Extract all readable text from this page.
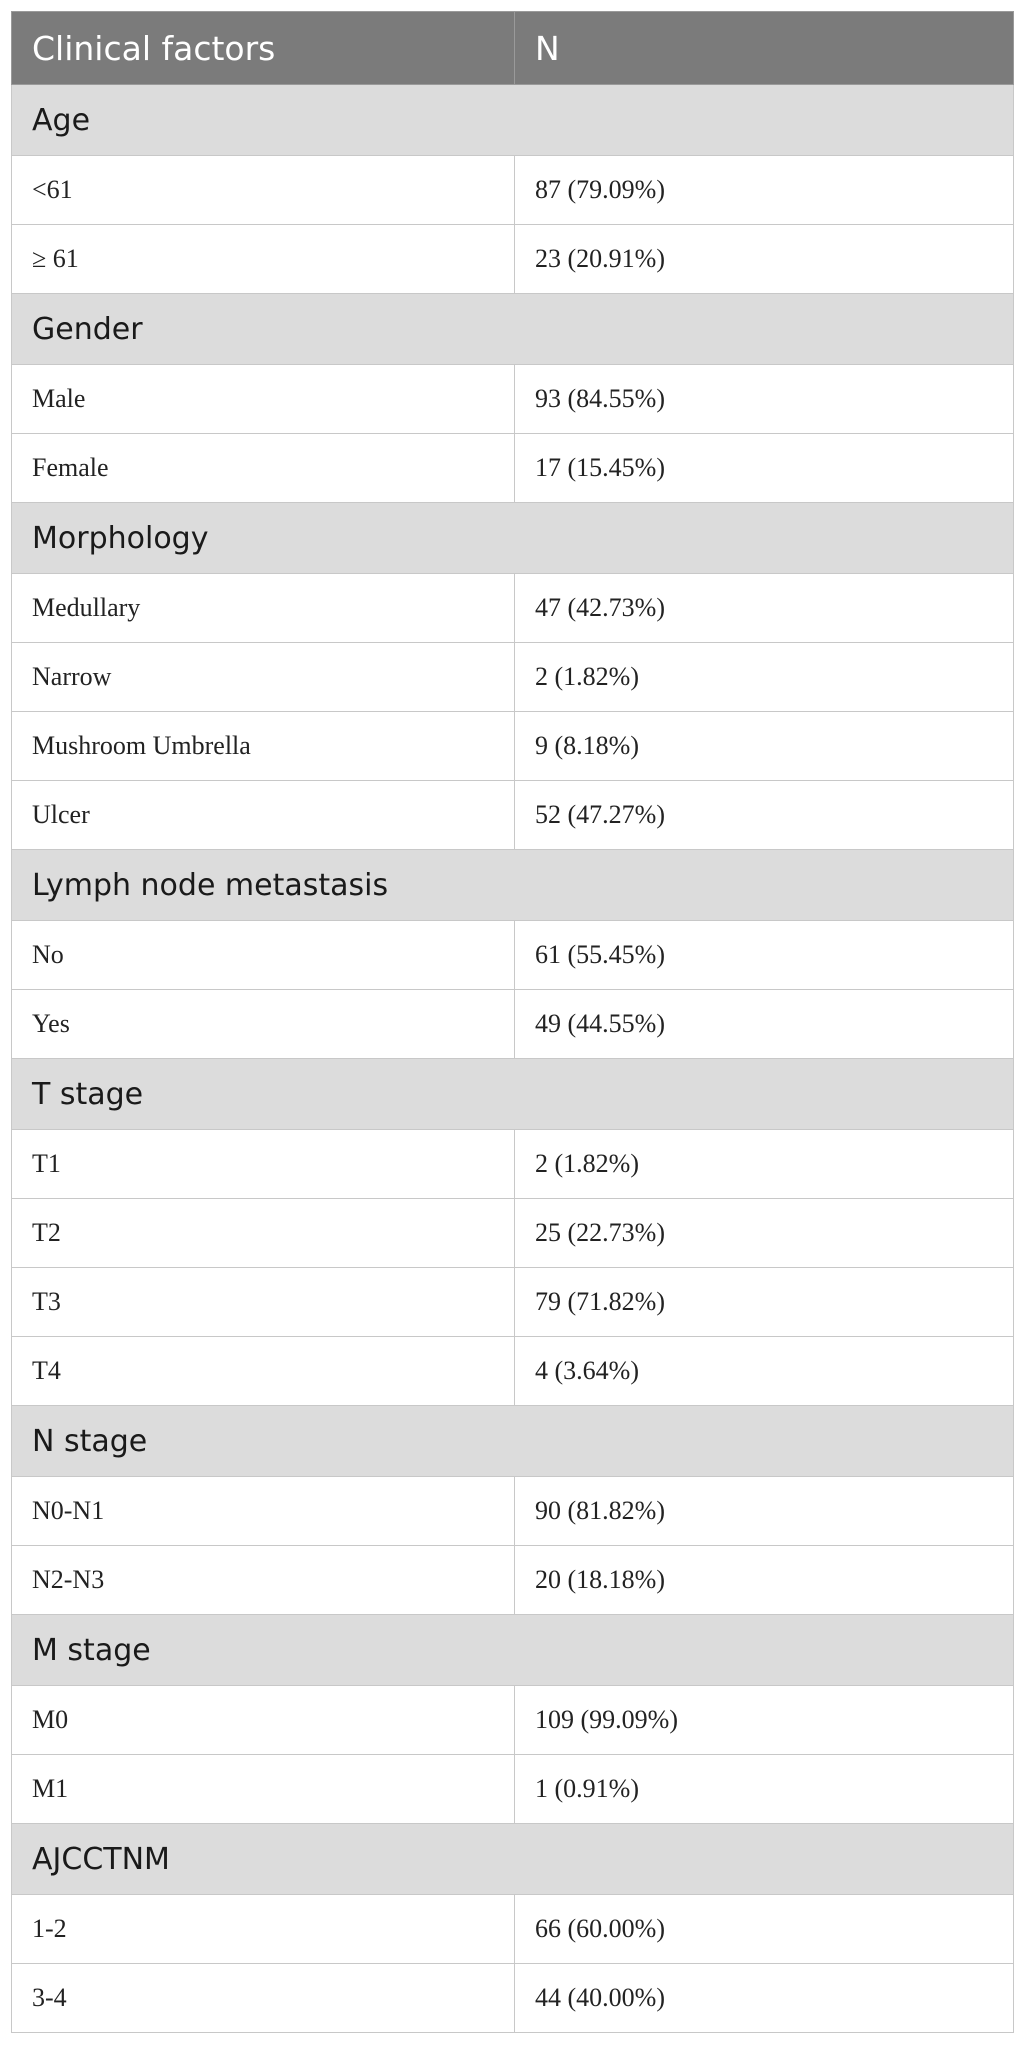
Clinical factors	N
Age	
<61	87 (79.09%)
≥ 61	23 (20.91%)
Gender	
Male	93 (84.55%)
Female	17 (15.45%)
Morphology	
Medullary	47 (42.73%)
Narrow	2 (1.82%)
Mushroom Umbrella	9 (8.18%)
Ulcer	52 (47.27%)
Lymph node metastasis	
No	61 (55.45%)
Yes	49 (44.55%)
T stage	
T1	2 (1.82%)
T2	25 (22.73%)
T3	79 (71.82%)
T4	4 (3.64%)
N stage	
N0-N1	90 (81.82%)
N2-N3	20 (18.18%)
M stage	
M0	109 (99.09%)
M1	1 (0.91%)
AJCCTNM	
1-2	66 (60.00%)
3-4	44 (40.00%)
